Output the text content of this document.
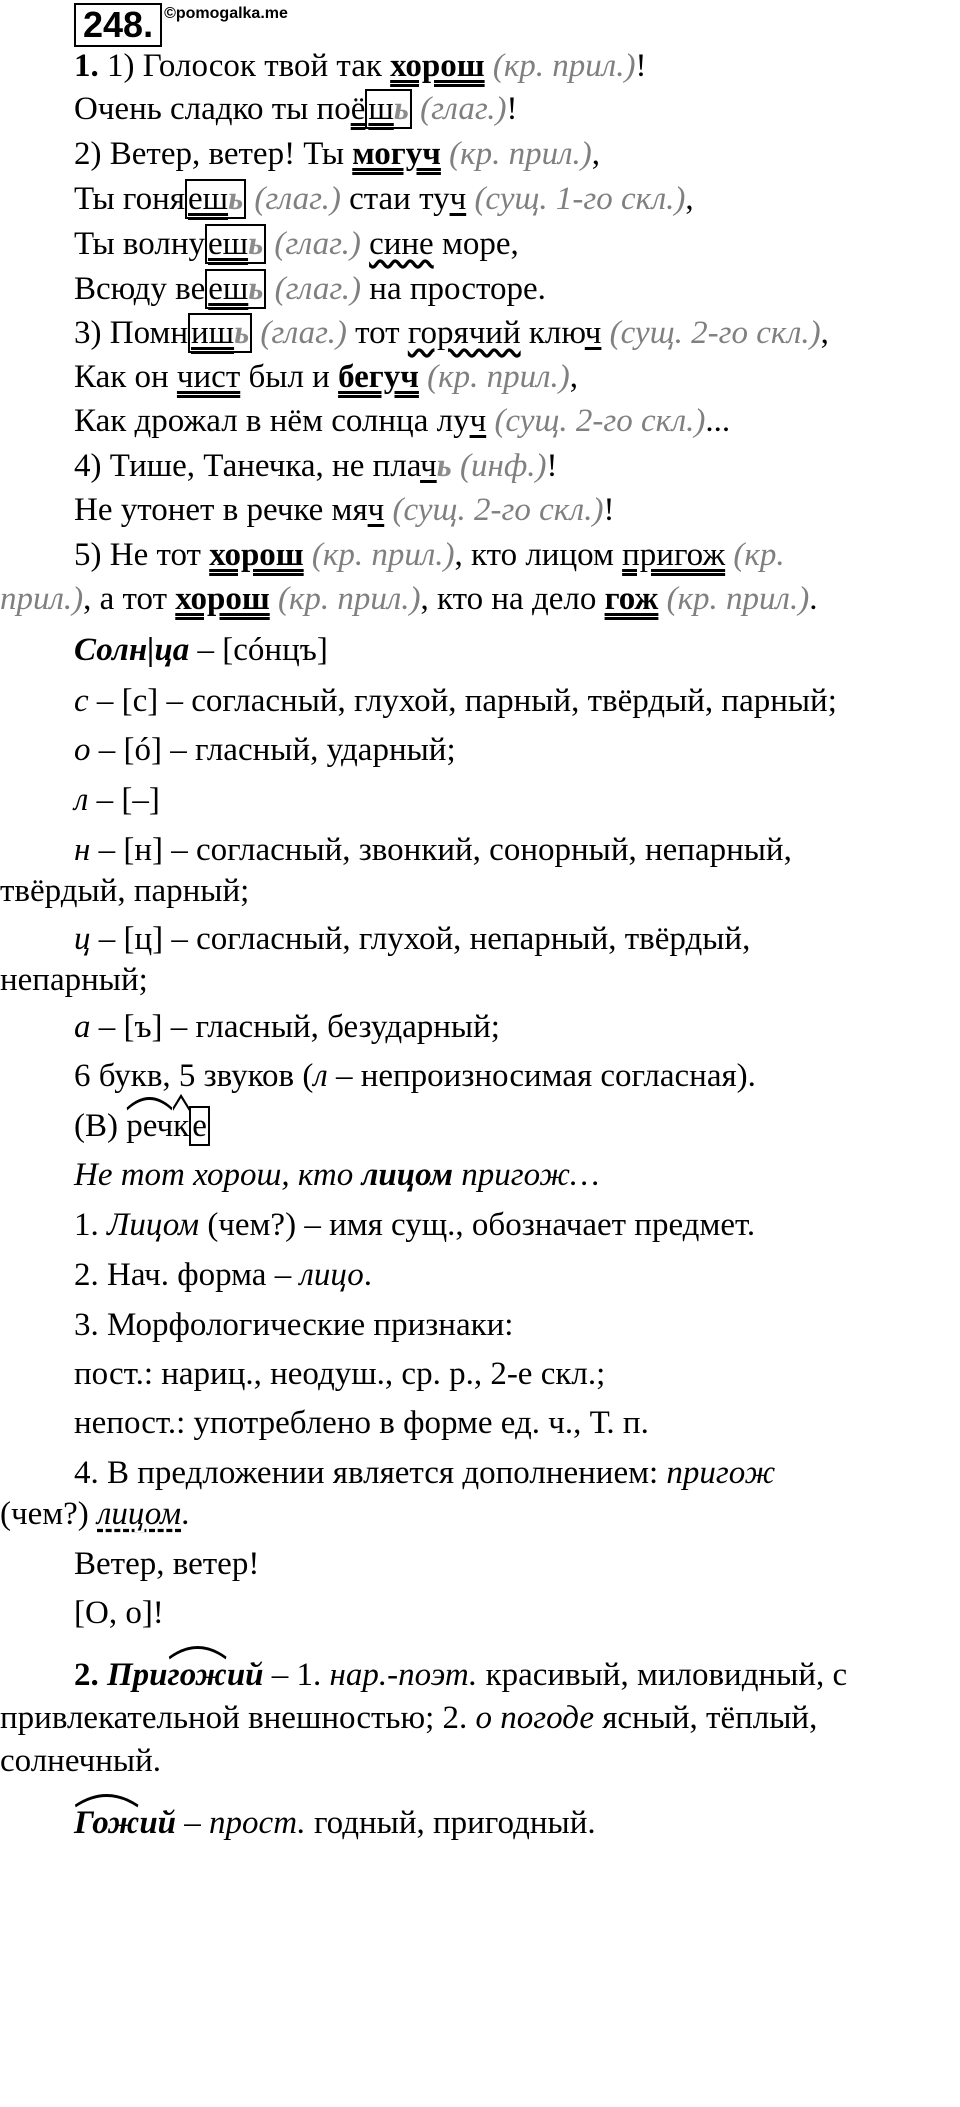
248. ©pomogalka.me
1. 1) Голосок твой так хорош (кр. прил.)!
Очень сладко ты поёшь (глаг.)!
2) Ветер, ветер! Ты могуч (кр. прил.),
Ты гоняешь (глаг.) стаи туч (сущ. 1-го скл.),
Ты волнуешь (глаг.) сине море,
Всюду веешь (глаг.) на просторе.
3) Помнишь (глаг.) тот горячий ключ (сущ. 2-го скл.),
Как он чист был и бегуч (кр. прил.),
Как дрожал в нём солнца луч (сущ. 2-го скл.)...
4) Тише, Танечка, не плачь (инф.)!
Не утонет в речке мяч (сущ. 2-го скл.)!
5) Не тот хорош (кр. прил.), кто лицом пригож (кр.
прил.), а тот хорош (кр. прил.), кто на дело гож (кр. прил.).
Солн|ца – [сóнцъ]
с – [с] – согласный, глухой, парный, твёрдый, парный;
о – [ó] – гласный, ударный;
л – [–]
н – [н] – согласный, звонкий, сонорный, непарный,
твёрдый, парный;
ц – [ц] – согласный, глухой, непарный, твёрдый,
непарный;
а – [ъ] – гласный, безударный;
6 букв, 5 звуков (л – непроизносимая согласная).
(В)
реч
ке
Не тот хорош, кто лицом пригож…
1. Лицом (чем?) – имя сущ., обозначает предмет.
2. Нач. форма – лицо.
3. Морфологические признаки:
пост.: нариц., неодуш., ср. р., 2-е скл.;
непост.: употреблено в форме ед. ч., Т. п.
4. В предложении является дополнением: пригож
(чем?) лицом.
Ветер, ветер!
[О, о]!
2. При
гожий – 1. нар.-поэт. красивый, миловидный, с
привлекательной внешностью; 2. о погоде ясный, тёплый,
солнечный.
Гожий – прост. годный, пригодный.
